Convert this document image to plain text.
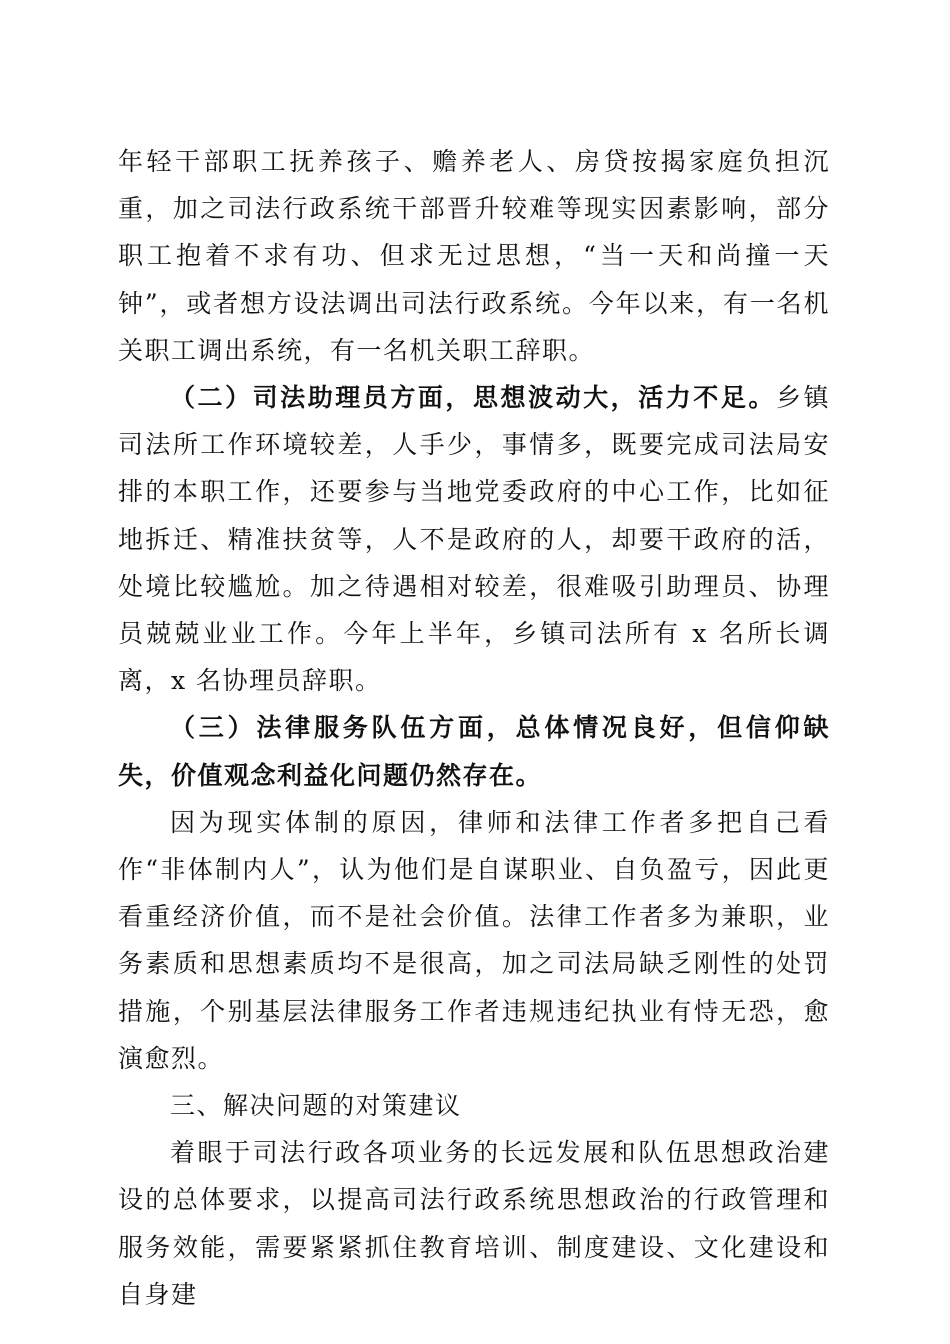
年轻干部职工抚养孩子、赡养老人、房贷按揭家庭负担沉重，加之司法行政系统干部晋升较难等现实因素影响，部分职工抱着不求有功、但求无过思想，“当一天和尚撞一天钟”，或者想方设法调出司法行政系统。今年以来，有一名机关职工调出系统，有一名机关职工辞职。

（二）司法助理员方面，思想波动大，活力不足。乡镇司法所工作环境较差，人手少，事情多，既要完成司法局安排的本职工作，还要参与当地党委政府的中心工作，比如征地拆迁、精准扶贫等，人不是政府的人，却要干政府的活，处境比较尴尬。加之待遇相对较差，很难吸引助理员、协理员兢兢业业工作。今年上半年，乡镇司法所有 x 名所长调离，x 名协理员辞职。

（三）法律服务队伍方面，总体情况良好，但信仰缺失，价值观念利益化问题仍然存在。

因为现实体制的原因，律师和法律工作者多把自己看作“非体制内人”，认为他们是自谋职业、自负盈亏，因此更看重经济价值，而不是社会价值。法律工作者多为兼职，业务素质和思想素质均不是很高，加之司法局缺乏刚性的处罚措施，个别基层法律服务工作者违规违纪执业有恃无恐，愈演愈烈。

三、解决问题的对策建议

着眼于司法行政各项业务的长远发展和队伍思想政治建设的总体要求，以提高司法行政系统思想政治的行政管理和服务效能，需要紧紧抓住教育培训、制度建设、文化建设和自身建
